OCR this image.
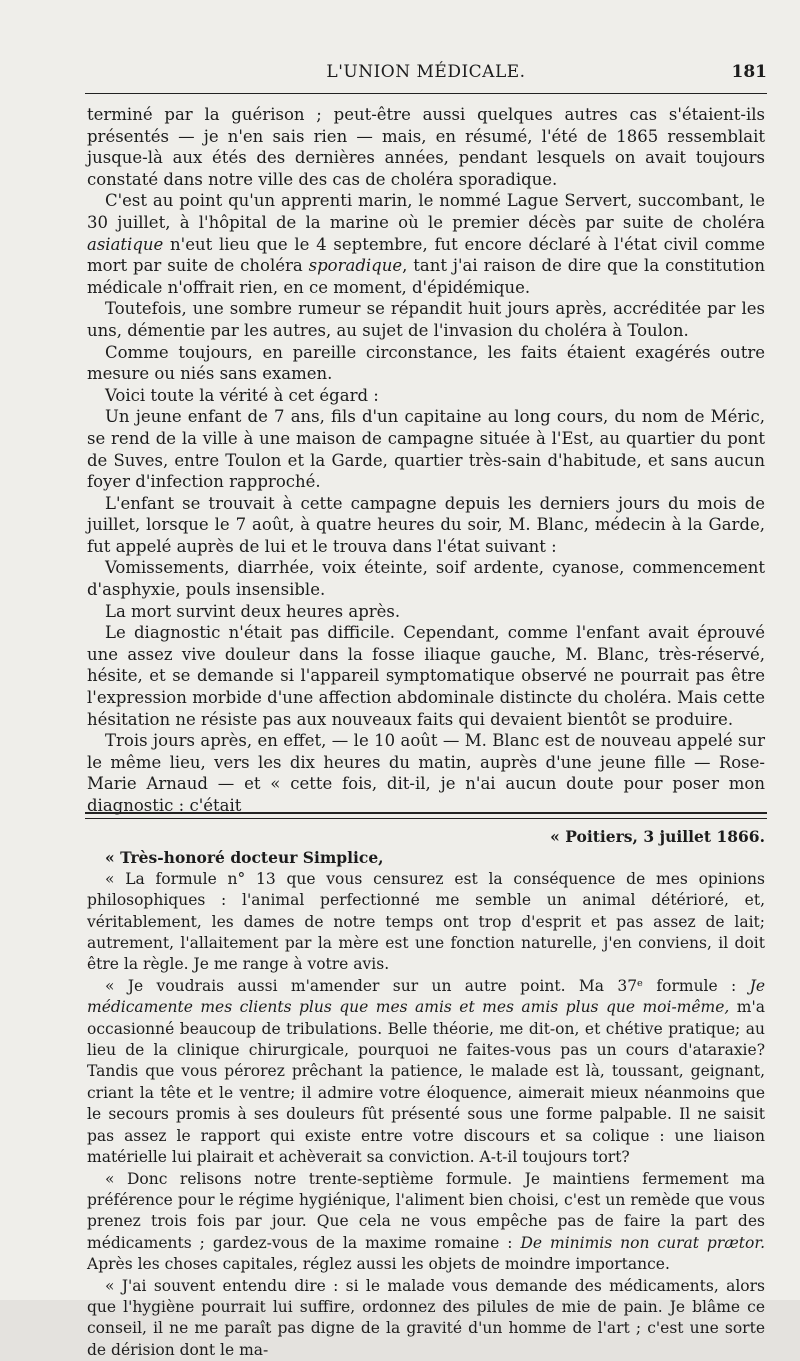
L'UNION MÉDICALE.	181

terminé par la guérison ; peut-être aussi quelques autres cas s'étaient-ils présentés — je n'en sais rien — mais, en résumé, l'été de 1865 ressemblait jusque-là aux étés des dernières années, pendant lesquels on avait toujours constaté dans notre ville des cas de choléra sporadique.

C'est au point qu'un apprenti marin, le nommé Lague Servert, succombant, le 30 juillet, à l'hôpital de la marine où le premier décès par suite de choléra asiatique n'eut lieu que le 4 septembre, fut encore déclaré à l'état civil comme mort par suite de choléra sporadique, tant j'ai raison de dire que la constitution médicale n'offrait rien, en ce moment, d'épidémique.

Toutefois, une sombre rumeur se répandit huit jours après, accréditée par les uns, démentie par les autres, au sujet de l'invasion du choléra à Toulon.

Comme toujours, en pareille circonstance, les faits étaient exagérés outre mesure ou niés sans examen.

Voici toute la vérité à cet égard :

Un jeune enfant de 7 ans, fils d'un capitaine au long cours, du nom de Méric, se rend de la ville à une maison de campagne située à l'Est, au quartier du pont de Suves, entre Toulon et la Garde, quartier très-sain d'habitude, et sans aucun foyer d'infection rapproché.

L'enfant se trouvait à cette campagne depuis les derniers jours du mois de juillet, lorsque le 7 août, à quatre heures du soir, M. Blanc, médecin à la Garde, fut appelé auprès de lui et le trouva dans l'état suivant :

Vomissements, diarrhée, voix éteinte, soif ardente, cyanose, commencement d'asphyxie, pouls insensible.

La mort survint deux heures après.

Le diagnostic n'était pas difficile. Cependant, comme l'enfant avait éprouvé une assez vive douleur dans la fosse iliaque gauche, M. Blanc, très-réservé, hésite, et se demande si l'appareil symptomatique observé ne pourrait pas être l'expression morbide d'une affection abdominale distincte du choléra. Mais cette hésitation ne résiste pas aux nouveaux faits qui devaient bientôt se produire.

Trois jours après, en effet, — le 10 août — M. Blanc est de nouveau appelé sur le même lieu, vers les dix heures du matin, auprès d'une jeune fille — Rose-Marie Arnaud — et « cette fois, dit-il, je n'ai aucun doute pour poser mon diagnostic : c'était

« Poitiers, 3 juillet 1866.

« Très-honoré docteur Simplice,

« La formule n° 13 que vous censurez est la conséquence de mes opinions philosophiques : l'animal perfectionné me semble un animal détérioré, et, véritablement, les dames de notre temps ont trop d'esprit et pas assez de lait; autrement, l'allaitement par la mère est une fonction naturelle, j'en conviens, il doit être la règle. Je me range à votre avis.

« Je voudrais aussi m'amender sur un autre point. Ma 37ᵉ formule : Je médicamente mes clients plus que mes amis et mes amis plus que moi-même, m'a occasionné beaucoup de tribulations. Belle théorie, me dit-on, et chétive pratique; au lieu de la clinique chirurgicale, pourquoi ne faites-vous pas un cours d'ataraxie? Tandis que vous pérorez prêchant la patience, le malade est là, toussant, geignant, criant la tête et le ventre; il admire votre éloquence, aimerait mieux néanmoins que le secours promis à ses douleurs fût présenté sous une forme palpable. Il ne saisit pas assez le rapport qui existe entre votre discours et sa colique : une liaison matérielle lui plairait et achèverait sa conviction. A-t-il toujours tort?

« Donc relisons notre trente-septième formule. Je maintiens fermement ma préférence pour le régime hygiénique, l'aliment bien choisi, c'est un remède que vous prenez trois fois par jour. Que cela ne vous empêche pas de faire la part des médicaments ; gardez-vous de la maxime romaine : De minimis non curat prætor. Après les choses capitales, réglez aussi les objets de moindre importance.

« J'ai souvent entendu dire : si le malade vous demande des médicaments, alors que l'hygiène pourrait lui suffire, ordonnez des pilules de mie de pain. Je blâme ce conseil, il ne me paraît pas digne de la gravité d'un homme de l'art ; c'est une sorte de dérision dont le ma-
